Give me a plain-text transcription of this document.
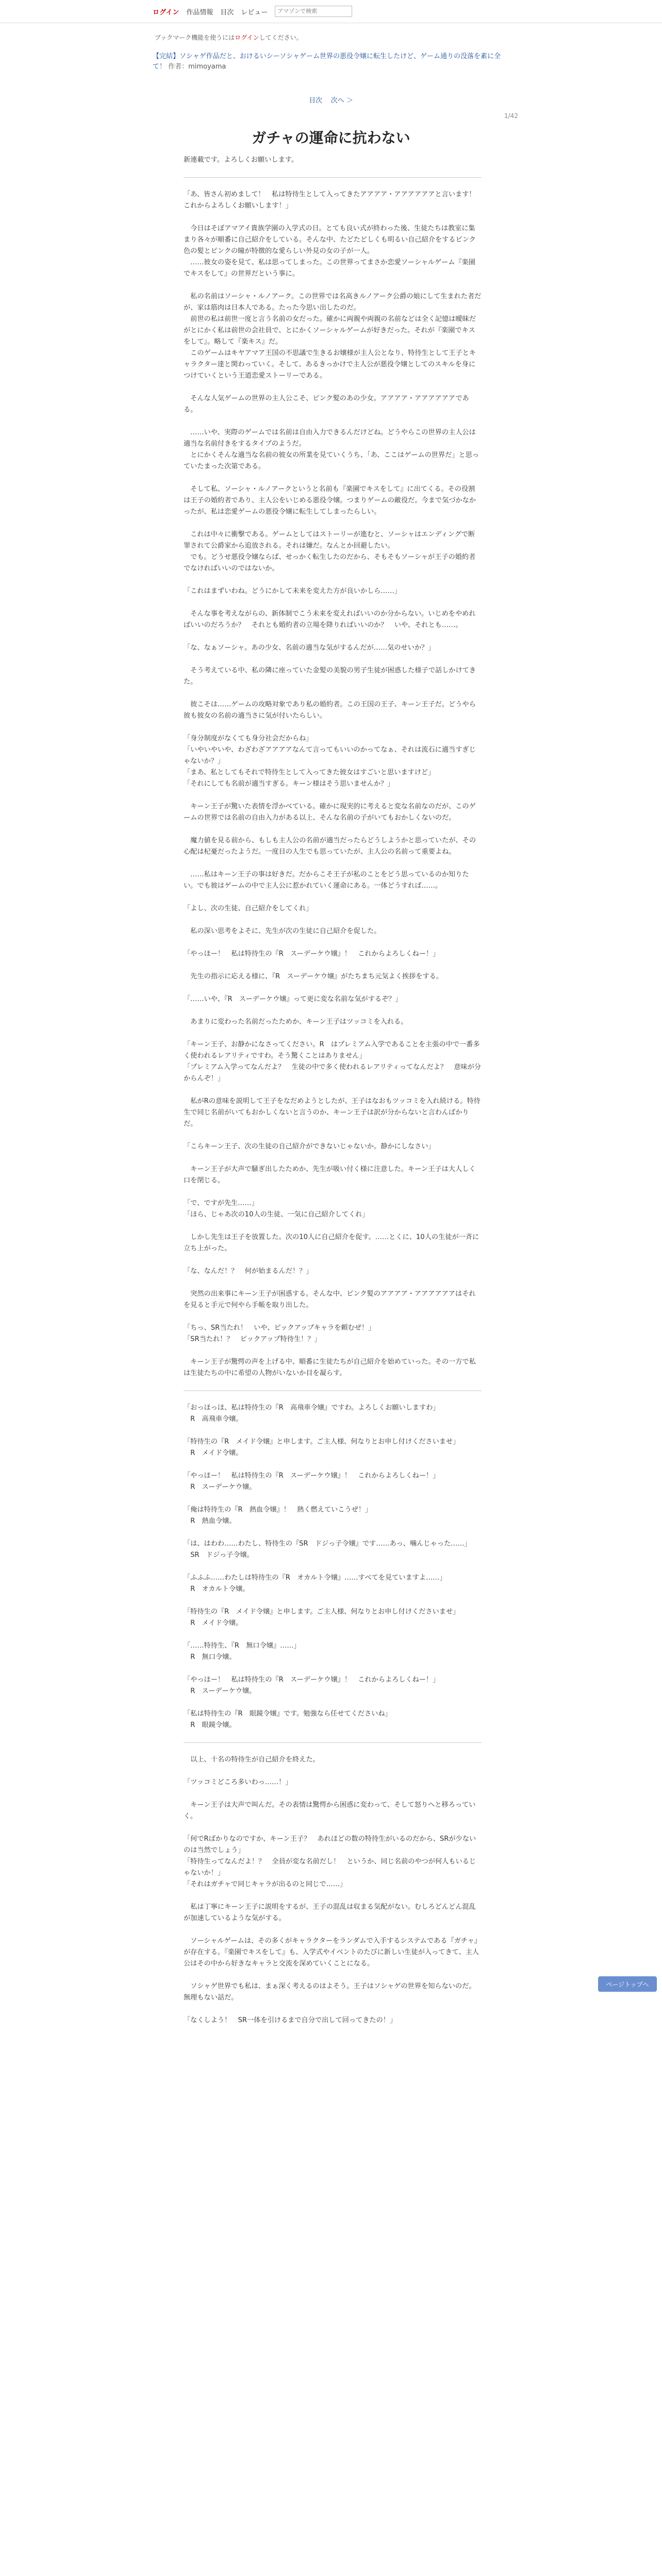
ログイン 作品情報 目次 レビュー
アマゾンで検索
ブックマーク機能を使うにはログインしてください。
【完結】ソシャゲ作品だと、おけるいシーソシャゲーム世界の悪役令嬢に転生したけど、ゲーム通りの没落を素に全て！ 作者：mimoyama
目次 次へ ＞
1/42
ガチャの運命に抗わない

新連載です。よろしくお願いします。

「あ、皆さん初めまして！　私は特待生として入ってきたアアアア・アアアアアアと言います！　これからよろしくお願いします！」

　今日はそぼアマアイ貴族学園の入学式の日。とても良い式が終わった後、生徒たちは教室に集まり各々が順番に自己紹介をしている。そんな中、たどたどしくも明るい自己紹介をするピンク色の髪とピンクの瞳が特徴的な愛らしい外見の女の子が一人。
　……彼女の姿を見て、私は思ってしまった。この世界ってまさか恋愛ソーシャルゲーム『楽園でキスをして』の世界だという事に。

　私の名前はソーシャ・ルノアーク。この世界では名高きルノアーク公爵の娘にして生まれた者だが、家は筋肉は日本人である。たった今思い出したのだ。
　前世の私は前世一度と言う名前の女だった。確かに両親や両親の名前などは全く記憶は曖昧だがとにかく私は前世の会社員で、とにかくソーシャルゲームが好きだった。それが『楽園でキスをして』。略して『楽キス』だ。
　このゲームはキヤアマア王国の不思議で生きるお嬢様が主人公となり、特待生として王子とキャラクター達と関わっていく。そして、あるきっかけで主人公が悪役令嬢としてのスキルを身につけていくという王道恋愛ストーリーである。

　そんな人気ゲームの世界の主人公こそ、ピンク髪のあの少女。アアアア・アアアアアアである。

　……いや、実際のゲームでは名前は自由入力できるんだけどね。どうやらこの世界の主人公は適当な名前付きをするタイプのようだ。
　とにかくそんな適当な名前の彼女の所業を見ていくうち、「あ、ここはゲームの世界だ」と思っていたまった次第である。

　そして私、ソーシャ・ルノアークというと名前も『楽園でキスをして』に出てくる。その役割は王子の婚約者であり、主人公をいじめる悪役令嬢。つまりゲームの敵役だ。今まで気づかなかったが、私は恋愛ゲームの悪役令嬢に転生してしまったらしい。

　これは中々に衝撃である。ゲームとしてはストーリーが進むと、ソーシャはエンディングで断罪されて公爵家から追放される。それは嫌だ。なんとか回避したい。
　でも。どうせ悪役令嬢ならば、せっかく転生したのだから、そもそもソーシャが王子の婚約者でなければいいのではないか。

「これはまずいわね。どうにかして未来を変えた方が良いかしら……」

　そんな事を考えながらの、新体制でこう未来を変えればいいのか分からない。いじめをやめればいいのだろうか？　それとも婚約者の立場を降りればいいのか？　いや、それとも……。

「な、なぁソーシャ。あの少女、名前の適当な気がするんだが……気のせいか？」

　そう考えている中、私の隣に座っていた金髪の美貌の男子生徒が困惑した様子で話しかけてきた。

　彼こそは……ゲームの攻略対象であり私の婚約者。この王国の王子、キーン王子だ。どうやら彼も彼女の名前の適当さに気が付いたらしい。

「身分制度がなくても身分社会だからね」
「いやいやいや、わざわざアアアアなんて言ってもいいのかってなぁ、それは流石に適当すぎじゃないか？」
「まあ、私としてもそれで特待生として入ってきた彼女はすごいと思いますけど」
「それにしても名前が適当すぎる。キーン様はそう思いませんか？」

　キーン王子が驚いた表情を浮かべている。確かに現実的に考えると変な名前なのだが、このゲームの世界では名前の自由入力がある以上、そんな名前の子がいてもおかしくないのだ。

　魔力値を見る前から、もしも主人公の名前が適当だったらどうしようかと思っていたが、その心配は杞憂だったようだ。一度目の人生でも思っていたが、主人公の名前って重要よね。

　……私はキーン王子の事は好きだ。だからこそ王子が私のことをどう思っているのか知りたい。でも彼はゲームの中で主人公に惹かれていく運命にある。一体どうすれば……。

「よし、次の生徒、自己紹介をしてくれ」

　私の深い思考をよそに、先生が次の生徒に自己紹介を促した。

「やっほー！　私は特待生の『R　スーデーケウ嬢』！　これからよろしくねー！」

　先生の指示に応える様に、『R　スーデーケウ嬢』がたちまち元気よく挨拶をする。

「……いや、『R　スーデーケウ嬢』って更に変な名前な気がするぞ？」

　あまりに変わった名前だったためか、キーン王子はツッコミを入れる。

「キーン王子、お静かになさってください。R　はプレミアム入学であることを主張の中で一番多く使われるレアリティですわ。そう驚くことはありません」
「プレミアム入学ってなんだよ？　生徒の中で多く使われるレアリティってなんだよ？　意味が分からんぞ！」

　私がRの意味を説明して王子をなだめようとしたが、王子はなおもツッコミを入れ続ける。特待生で同じ名前がいてもおかしくないと言うのか、キーン王子は訳が分からないと言わんばかりだ。

「こらキーン王子、次の生徒の自己紹介ができないじゃないか。静かにしなさい」

　キーン王子が大声で騒ぎ出したためか、先生が吸い付く様に注意した。キーン王子は大人しく口を閉じる。

「で、ですが先生……」
「ほら、じゃあ次の10人の生徒、一気に自己紹介してくれ」

　しかし先生は王子を放置した。次の10人に自己紹介を促す。……とくに、10人の生徒が一斉に立ち上がった。

「な、なんだ！？　何が始まるんだ！？」

　突然の出来事にキーン王子が困惑する。そんな中、ピンク髪のアアアア・アアアアアアはそれを見ると手元で何やら手帳を取り出した。

「ちっ、SR当たれ！　いや、ピックアップキャラを頼むぜ！」
「SR当たれ！？　ピックアップ特待生！？」

　キーン王子が驚愕の声を上げる中、順番に生徒たちが自己紹介を始めていった。その一方で私は生徒たちの中に希望の人物がいないか目を凝らす。

「おっほっほ、私は特待生の『R　高飛車令嬢』ですわ。よろしくお願いしますわ」
　R　高飛車令嬢。

「特待生の『R　メイド令嬢』と申します。ご主人様、何なりとお申し付けくださいませ」
R　メイド令嬢。

「やっほー！　私は特待生の『R　スーデーケウ嬢』！　これからよろしくねー！」
R　スーデーケウ嬢。

「俺は特待生の『R　熱血令嬢』！　熱く燃えていこうぜ！」
R　熱血令嬢。

「は、はわわ……わたし、特待生の『SR　ドジっ子令嬢』です……あっ、噛んじゃった……」
SR　ドジっ子令嬢。

「ふふふ……わたしは特待生の『R　オカルト令嬢』……すべてを見ていますよ……」
R　オカルト令嬢。

「特待生の『R　メイド令嬢』と申します。ご主人様、何なりとお申し付けくださいませ」
R　メイド令嬢。

「……特待生、『R　無口令嬢』……」
R　無口令嬢。

「やっほー！　私は特待生の『R　スーデーケウ嬢』！　これからよろしくねー！」
R　スーデーケウ嬢。

「私は特待生の『R　眼鏡令嬢』です。勉強なら任せてくださいね」
R　眼鏡令嬢。

　以上、十名の特待生が自己紹介を終えた。

「ツッコミどころ多いわっ……！」

　キーン王子は大声で叫んだ。その表情は驚愕から困惑に変わって、そして怒りへと移ろっていく。

「何でRばかりなのですか、キーン王子？　あれほどの数の特待生がいるのだから、SRが少ないのは当然でしょう」
「特待生ってなんだよ！？　全員が変な名前だし！　というか、同じ名前のやつが何人もいるじゃないか！」
「それはガチャで同じキャラが出るのと同じで……」

　私は丁寧にキーン王子に説明をするが、王子の混乱は収まる気配がない。むしろどんどん混乱が加速しているような気がする。

　ソーシャルゲームは、その多くがキャラクターをランダムで入手するシステムである『ガチャ』が存在する。『楽園でキスをして』も、入学式やイベントのたびに新しい生徒が入ってきて、主人公はその中から好きなキャラと交流を深めていくことになる。

　ソシャゲ世界でも私は、まぁ深く考えるのはよそう。王子はソシャゲの世界を知らないのだ。無理もない話だ。

「なくしよう！　SR一体を引けるまで自分で出して回ってきたの！」

ページトップへ
